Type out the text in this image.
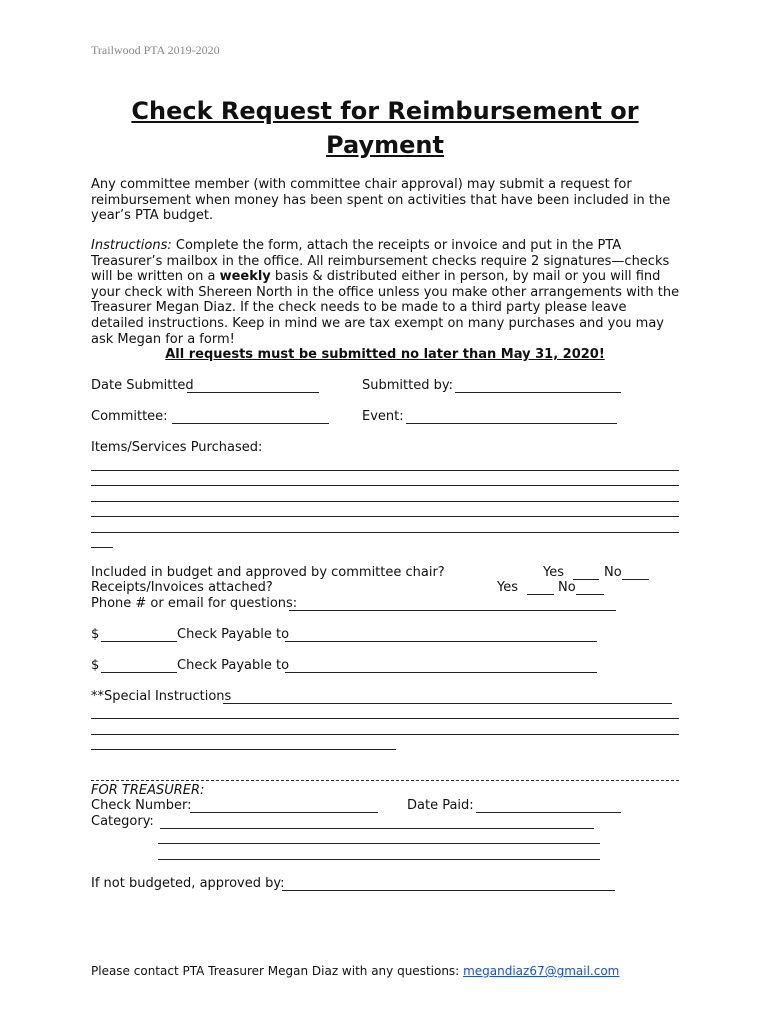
Trailwood PTA 2019-2020
Check Request for Reimbursement or
Payment
Any committee member (with committee chair approval) may submit a request for reimbursement when money has been spent on activities that have been included in the year’s PTA budget.
Instructions: Complete the form, attach the receipts or invoice and put in the PTA Treasurer’s mailbox in the office. All reimbursement checks require 2 signatures—checks will be written on a weekly basis & distributed either in person, by mail or you will find your check with Shereen North in the office unless you make other arrangements with the Treasurer Megan Diaz. If the check needs to be made to a third party please leave detailed instructions. Keep in mind we are tax exempt on many purchases and you may ask Megan for a form!
All requests must be submitted no later than May 31, 2020!
Date Submitted	Submitted by:
Committee:	Event:
Items/Services Purchased:
Included in budget and approved by committee chair?	Yes	No
Receipts/Invoices attached?	Yes	No
Phone # or email for questions:
$	Check Payable to
$	Check Payable to
**Special Instructions
FOR TREASURER:
Check Number:	Date Paid:
Category:
If not budgeted, approved by:
Please contact PTA Treasurer Megan Diaz with any questions: megandiaz67@gmail.com
